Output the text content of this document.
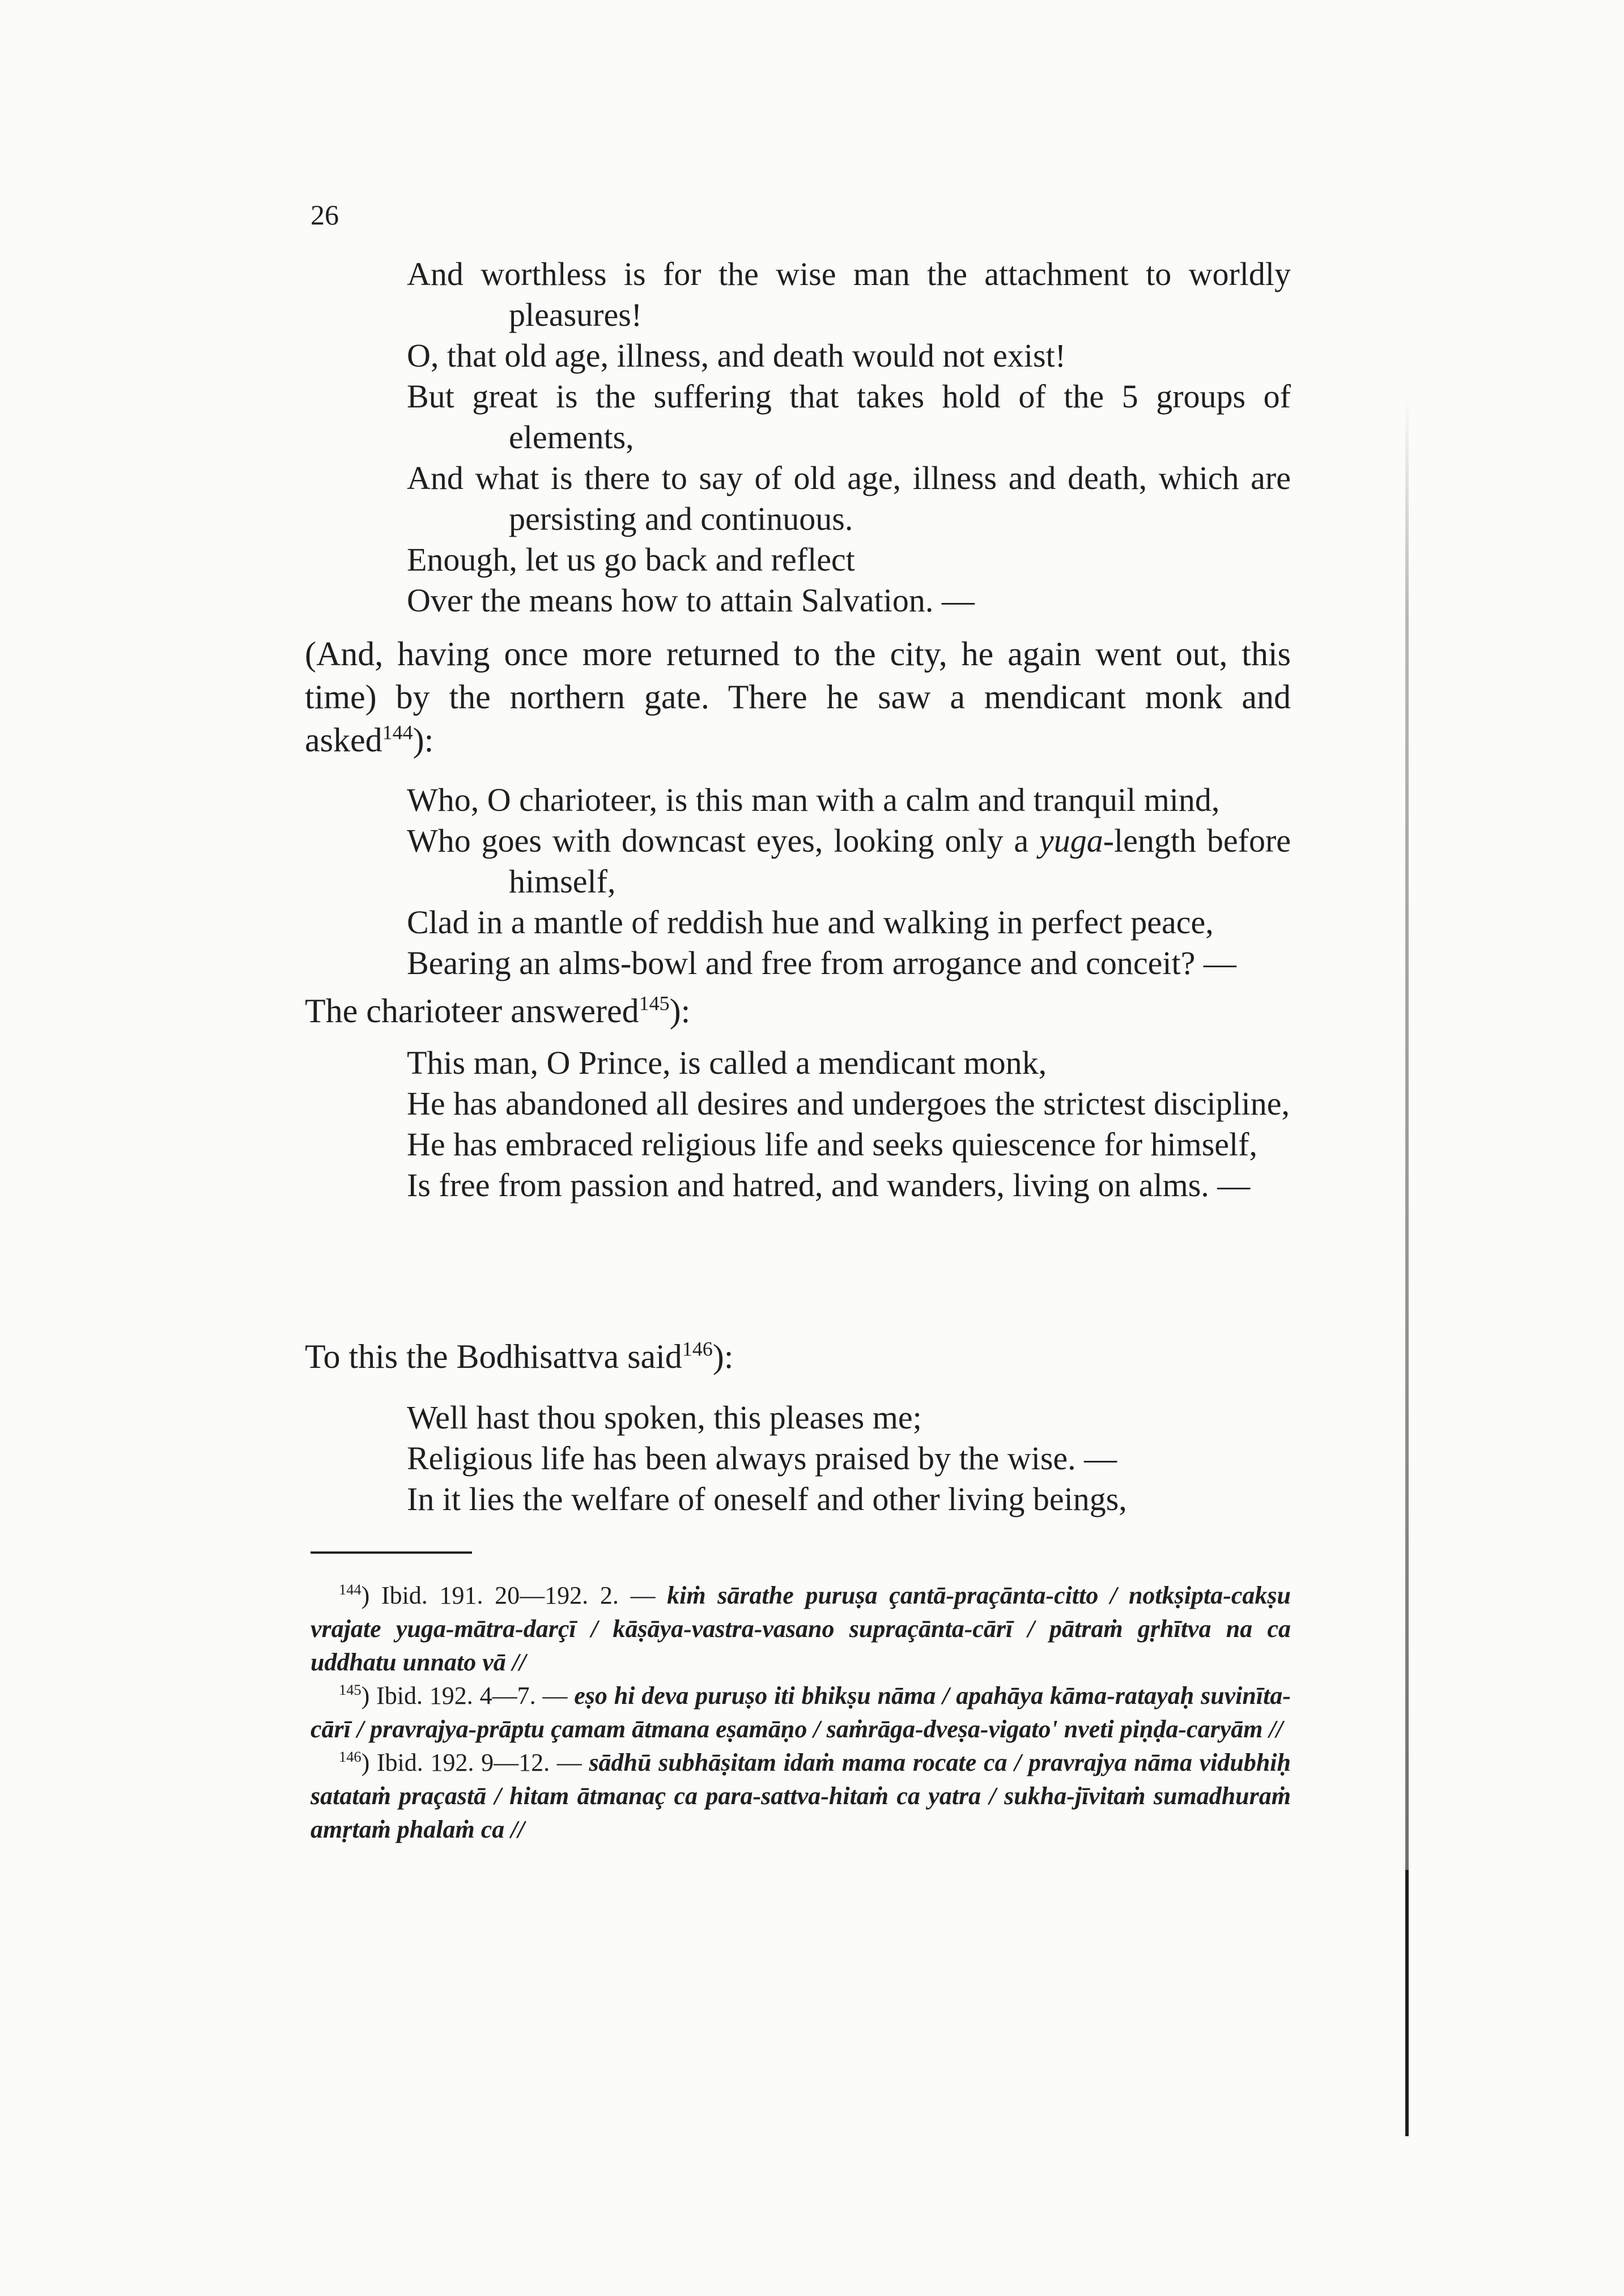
26
And worthless is for the wise man the attachment to worldly pleasures!
O, that old age, illness, and death would not exist!
But great is the suffering that takes hold of the 5 groups of elements,
And what is there to say of old age, illness and death, which are persisting and continuous.
Enough, let us go back and reflect
Over the means how to attain Salvation. —
(And, having once more returned to the city, he again went out, this time) by the northern gate. There he saw a mendicant monk and asked$^{144}$):
Who, O charioteer, is this man with a calm and tranquil mind,
Who goes with downcast eyes, looking only a yuga-length before himself,
Clad in a mantle of reddish hue and walking in perfect peace,
Bearing an alms-bowl and free from arrogance and conceit? —
The charioteer answered$^{145}$):
This man, O Prince, is called a mendicant monk,
He has abandoned all desires and undergoes the strictest discipline,
He has embraced religious life and seeks quiescence for himself,
Is free from passion and hatred, and wanders, living on alms. —
To this the Bodhisattva said$^{146}$):
Well hast thou spoken, this pleases me;
Religious life has been always praised by the wise. —
In it lies the welfare of oneself and other living beings,
$^{144}$) Ibid. 191. 20—192. 2. — kiṁ sārathe puruṣa çantā-praçānta-citto / notkṣipta-cakṣu vrajate yuga-mātra-darçī / kāṣāya-vastra-vasano supraçānta-cārī / pātraṁ gṛhītva na ca uddhatu unnato vā //
$^{145}$) Ibid. 192. 4—7. — eṣo hi deva puruṣo iti bhikṣu nāma / apahāya kāma-ratayaḥ suvinīta-cārī / pravrajya-prāptu çamam ātmana eṣamāṇo / saṁrāga-dveṣa-vigato' nveti piṇḍa-caryām //
$^{146}$) Ibid. 192. 9—12. — sādhū subhāṣitam idaṁ mama rocate ca / pravrajya nāma vidubhiḥ satataṁ praçastā / hitam ātmanaç ca para-sattva-hitaṁ ca yatra / sukha-jīvitaṁ sumadhuraṁ amṛtaṁ phalaṁ ca //
